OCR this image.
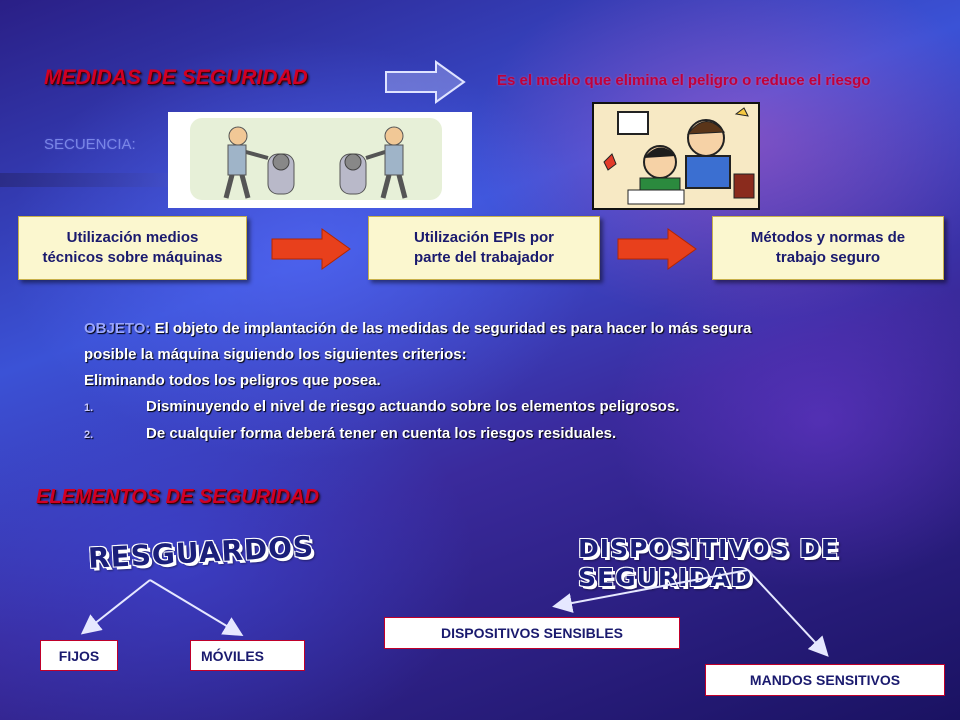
MEDIDAS DE SEGURIDAD	Es el medio que elimina el peligro o reduce el riesgo
SECUENCIA:
Utilización medios
técnicos sobre máquinas
Utilización EPIs por
parte del trabajador
Métodos y normas de
trabajo seguro
OBJETO: El objeto de implantación de las medidas de seguridad es para hacer lo más segura
posible la máquina siguiendo los siguientes criterios:
Eliminando todos los peligros que posea.
1.	Disminuyendo el nivel de riesgo actuando sobre los elementos peligrosos.
2.	De cualquier forma deberá tener en cuenta los riesgos residuales.
ELEMENTOS DE SEGURIDAD
RESGUARDOS	DISPOSITIVOS DE SEGURIDAD
FIJOS	MÓVILES
DISPOSITIVOS SENSIBLES
MANDOS SENSITIVOS
